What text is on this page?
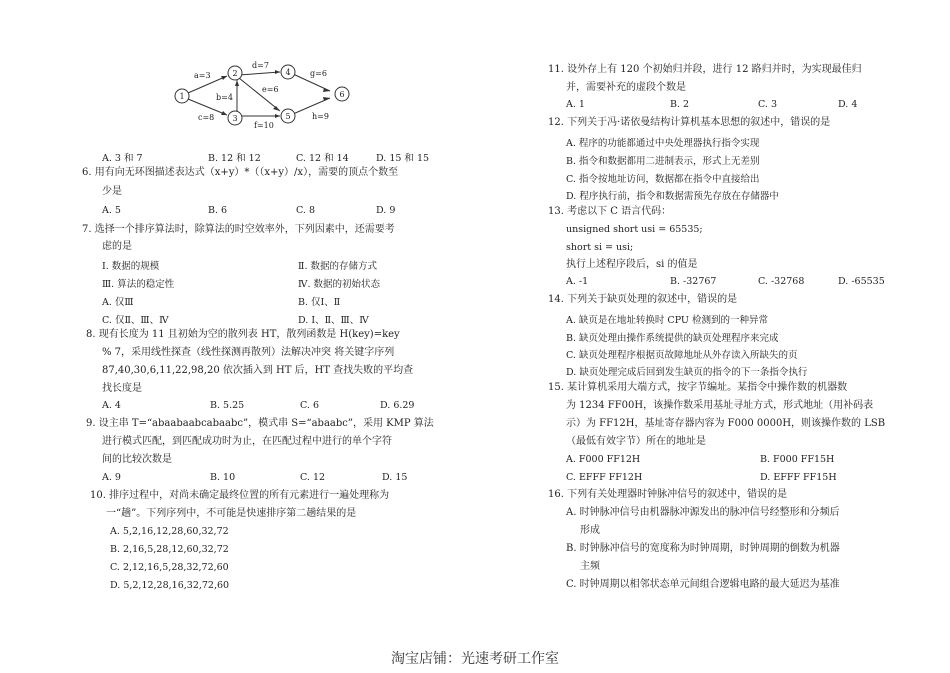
1
2
3
4
5
6
a=3
b=4
c=8
d=7
e=6
f=10
g=6
h=9
A. 3 和 7	B. 12 和 12	C. 12 和 14	D. 15 和 15
6. 用有向无环图描述表达式（x+y）*（（x+y）/x），需要的顶点个数至
少是
A. 5	B. 6	C. 8	D. 9
7. 选择一个排序算法时，除算法的时空效率外，下列因素中，还需要考
虑的是
Ⅰ. 数据的规模	Ⅱ. 数据的存储方式
Ⅲ. 算法的稳定性	Ⅳ. 数据的初始状态
A. 仅Ⅲ	B. 仅Ⅰ、Ⅱ
C. 仅Ⅱ、Ⅲ、Ⅳ	D. Ⅰ、Ⅱ、Ⅲ、Ⅳ
8. 现有长度为 11 且初始为空的散列表 HT，散列函数是 H(key)=key
% 7，采用线性探查（线性探测再散列）法解决冲突 将关键字序列
87,40,30,6,11,22,98,20 依次插入到 HT 后，HT 查找失败的平均查
找长度是
A. 4	B. 5.25	C. 6	D. 6.29
9. 设主串 T=“abaabaabcabaabc”，模式串 S=“abaabc”，采用 KMP 算法
进行模式匹配，到匹配成功时为止，在匹配过程中进行的单个字符
间的比较次数是
A. 9	B. 10	C. 12	D. 15
10. 排序过程中，对尚未确定最终位置的所有元素进行一遍处理称为
一“趟”。下列序列中，不可能是快速排序第二趟结果的是
A. 5,2,16,12,28,60,32,72
B. 2,16,5,28,12,60,32,72
C. 2,12,16,5,28,32,72,60
D. 5,2,12,28,16,32,72,60
11. 设外存上有 120 个初始归并段，进行 12 路归并时，为实现最佳归
并，需要补充的虚段个数是
A. 1	B. 2	C. 3	D. 4
12. 下列关于冯·诺依曼结构计算机基本思想的叙述中，错误的是
A. 程序的功能都通过中央处理器执行指令实现
B. 指令和数据都用二进制表示，形式上无差别
C. 指令按地址访问，数据都在指令中直接给出
D. 程序执行前，指令和数据需预先存放在存储器中
13. 考虑以下 C 语言代码：
unsigned short usi = 65535;
short si = usi;
执行上述程序段后，si 的值是
A. -1	B. -32767	C. -32768	D. -65535
14. 下列关于缺页处理的叙述中，错误的是
A. 缺页是在地址转换时 CPU 检测到的一种异常
B. 缺页处理由操作系统提供的缺页处理程序来完成
C. 缺页处理程序根据页故障地址从外存读入所缺失的页
D. 缺页处理完成后回到发生缺页的指令的下一条指令执行
15. 某计算机采用大端方式，按字节编址。某指令中操作数的机器数
为 1234 FF00H，该操作数采用基址寻址方式，形式地址（用补码表
示）为 FF12H，基址寄存器内容为 F000 0000H，则该操作数的 LSB
（最低有效字节）所在的地址是
A. F000 FF12H	B. F000 FF15H
C. EFFF FF12H	D. EFFF FF15H
16. 下列有关处理器时钟脉冲信号的叙述中，错误的是
A. 时钟脉冲信号由机器脉冲源发出的脉冲信号经整形和分频后
形成
B. 时钟脉冲信号的宽度称为时钟周期，时钟周期的倒数为机器
主频
C. 时钟周期以相邻状态单元间组合逻辑电路的最大延迟为基准
淘宝店铺：光速考研工作室
